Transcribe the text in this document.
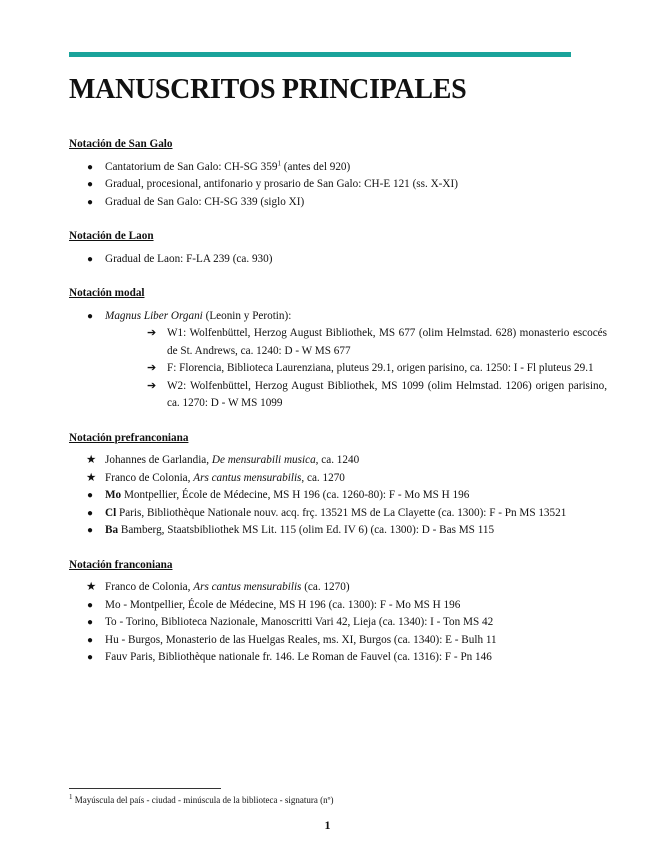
MANUSCRITOS PRINCIPALES
Notación de San Galo
●	Cantatorium de San Galo: CH-SG $359^1$ (antes del 920)
●	Gradual, procesional, antifonario y prosario de San Galo: CH-E 121 (ss. X-XI)
●	Gradual de San Galo: CH-SG 339 (siglo XI)
Notación de Laon
●	Gradual de Laon: F-LA 239 (ca. 930)
Notación modal
●	Magnus Liber Organi (Leonin y Perotin):
➔ W1: Wolfenbüttel, Herzog August Bibliothek, MS 677 (olim Helmstad. 628) monasterio escocés de St. Andrews, ca. 1240: D - W MS 677
➔ F: Florencia, Biblioteca Laurenziana, pluteus 29.1, origen parisino, ca. 1250: I - Fl pluteus 29.1
➔ W2: Wolfenbüttel, Herzog August Bibliothek, MS 1099 (olim Helmstad. 1206) origen parisino, ca. 1270: D - W MS 1099
Notación prefranconiana
★ Johannes de Garlandia, De mensurabili musica, ca. 1240
★ Franco de Colonia, Ars cantus mensurabilis, ca. 1270
●	Mo Montpellier, École de Médecine, MS H 196 (ca. 1260-80): F - Mo MS H 196
●	Cl Paris, Bibliothèque Nationale nouv. acq. frç. 13521 MS de La Clayette (ca. 1300): F - Pn MS 13521
●	Ba Bamberg, Staatsbibliothek MS Lit. 115 (olim Ed. IV 6) (ca. 1300): D - Bas MS 115
Notación franconiana
★ Franco de Colonia, Ars cantus mensurabilis (ca. 1270)
●	Mo - Montpellier, École de Médecine, MS H 196 (ca. 1300): F - Mo MS H 196
●	To - Torino, Biblioteca Nazionale, Manoscritti Vari 42, Lieja (ca. 1340): I - Ton MS 42
●	Hu - Burgos, Monasterio de las Huelgas Reales, ms. XI, Burgos (ca. 1340): E - Bulh 11
●	Fauv Paris, Bibliothèque nationale fr. 146. Le Roman de Fauvel (ca. 1316): F - Pn 146
$^1$ Mayúscula del país - ciudad - minúscula de la biblioteca - signatura (nº)
1
